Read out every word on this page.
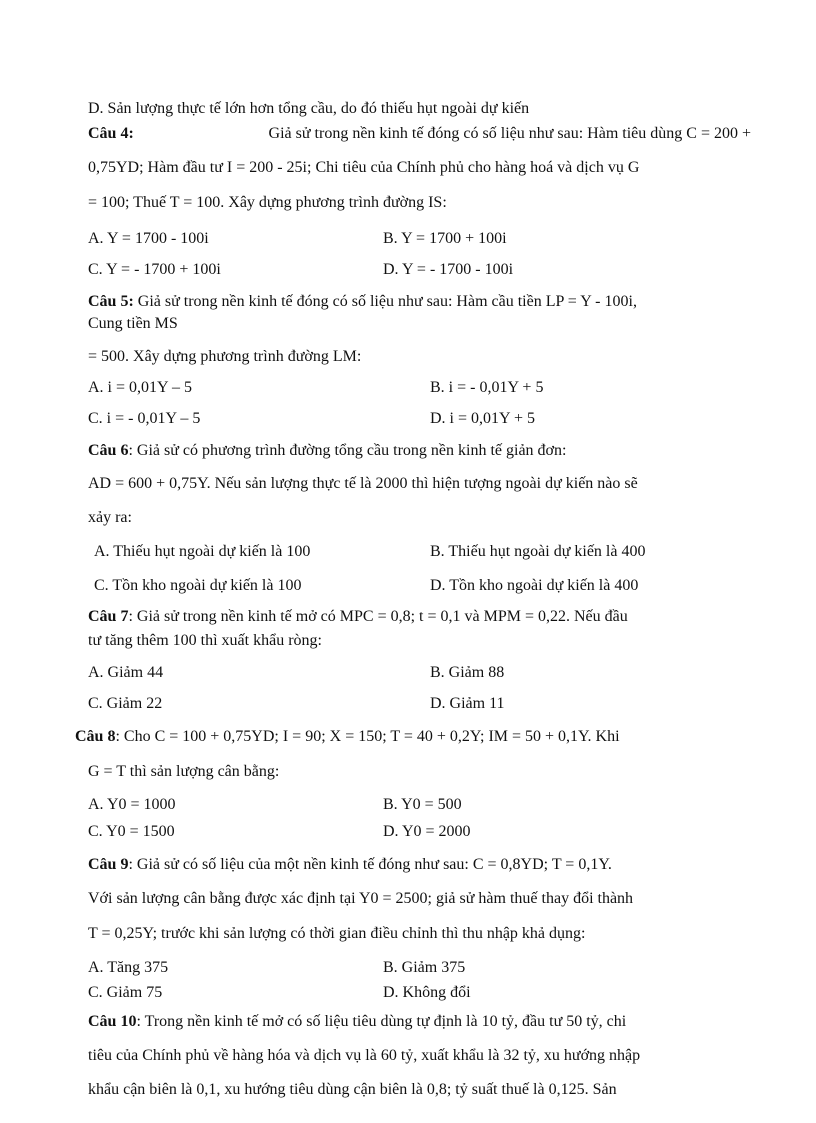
D. Sản lượng thực tế lớn hơn tổng cầu, do đó thiếu hụt ngoài dự kiến
Câu 4:	Giả sử trong nền kinh tế đóng có số liệu như sau: Hàm tiêu dùng C = 200 +
0,75YD; Hàm đầu tư I = 200 - 25i; Chi tiêu của Chính phủ cho hàng hoá và dịch vụ G
= 100; Thuế T = 100. Xây dựng phương trình đường IS:
A. Y = 1700 - 100i	B. Y = 1700 + 100i
C. Y = - 1700 + 100i	D. Y = - 1700 - 100i
Câu 5: Giả sử trong nền kinh tế đóng có số liệu như sau: Hàm cầu tiền LP = Y - 100i,
Cung tiền MS
= 500. Xây dựng phương trình đường LM:
A. i = 0,01Y – 5	B. i = - 0,01Y + 5
C. i = - 0,01Y – 5	D. i = 0,01Y + 5
Câu 6: Giả sử có phương trình đường tổng cầu trong nền kinh tế giản đơn:
AD = 600 + 0,75Y. Nếu sản lượng thực tế là 2000 thì hiện tượng ngoài dự kiến nào sẽ
xảy ra:
A. Thiếu hụt ngoài dự kiến là 100	B. Thiếu hụt ngoài dự kiến là 400
C. Tồn kho ngoài dự kiến là 100	D. Tồn kho ngoài dự kiến là 400
Câu 7: Giả sử trong nền kinh tế mở có MPC = 0,8; t = 0,1 và MPM = 0,22. Nếu đầu
tư tăng thêm 100 thì xuất khẩu ròng:
A. Giảm 44	B. Giảm 88
C. Giảm 22	D. Giảm 11
Câu 8: Cho C = 100 + 0,75YD; I = 90; X = 150; T = 40 + 0,2Y; IM = 50 + 0,1Y. Khi
G = T thì sản lượng cân bằng:
A. Y0 = 1000	B. Y0 = 500
C. Y0 = 1500	D. Y0 = 2000
Câu 9: Giả sử có số liệu của một nền kinh tế đóng như sau: C = 0,8YD; T = 0,1Y.
Với sản lượng cân bằng được xác định tại Y0 = 2500; giả sử hàm thuế thay đổi thành
T = 0,25Y; trước khi sản lượng có thời gian điều chỉnh thì thu nhập khả dụng:
A. Tăng 375	B. Giảm 375
C. Giảm 75	D. Không đổi
Câu 10: Trong nền kinh tế mở có số liệu tiêu dùng tự định là 10 tỷ, đầu tư 50 tỷ, chi
tiêu của Chính phủ về hàng hóa và dịch vụ là 60 tỷ, xuất khẩu là 32 tỷ, xu hướng nhập
khẩu cận biên là 0,1, xu hướng tiêu dùng cận biên là 0,8; tỷ suất thuế là 0,125. Sản
